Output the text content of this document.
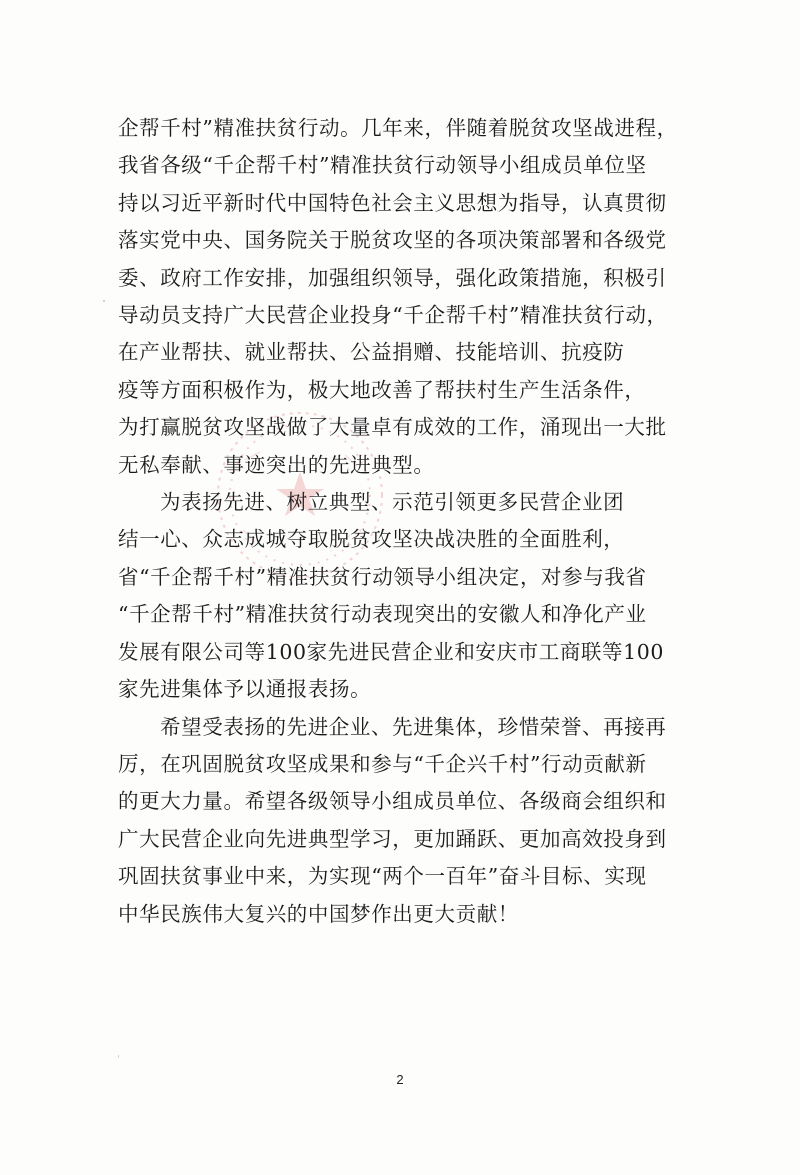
企帮千村”精准扶贫行动。几年来，伴随着脱贫攻坚战进程，
我省各级“千企帮千村”精准扶贫行动领导小组成员单位坚
持以习近平新时代中国特色社会主义思想为指导，认真贯彻
落实党中央、国务院关于脱贫攻坚的各项决策部署和各级党
委、政府工作安排，加强组织领导，强化政策措施，积极引
导动员支持广大民营企业投身“千企帮千村”精准扶贫行动，
在产业帮扶、就业帮扶、公益捐赠、技能培训、抗疫防
疫等方面积极作为，极大地改善了帮扶村生产生活条件，
为打赢脱贫攻坚战做了大量卓有成效的工作，涌现出一大批
无私奉献、事迹突出的先进典型。

为表扬先进、树立典型、示范引领更多民营企业团
结一心、众志成城夺取脱贫攻坚决战决胜的全面胜利，
省“千企帮千村”精准扶贫行动领导小组决定，对参与我省
“千企帮千村”精准扶贫行动表现突出的安徽人和净化产业
发展有限公司等100家先进民营企业和安庆市工商联等100
家先进集体予以通报表扬。

希望受表扬的先进企业、先进集体，珍惜荣誉、再接再
厉，在巩固脱贫攻坚成果和参与“千企兴千村”行动贡献新
的更大力量。希望各级领导小组成员单位、各级商会组织和
广大民营企业向先进典型学习，更加踊跃、更加高效投身到
巩固扶贫事业中来，为实现“两个一百年”奋斗目标、实现
中华民族伟大复兴的中国梦作出更大贡献！

2
